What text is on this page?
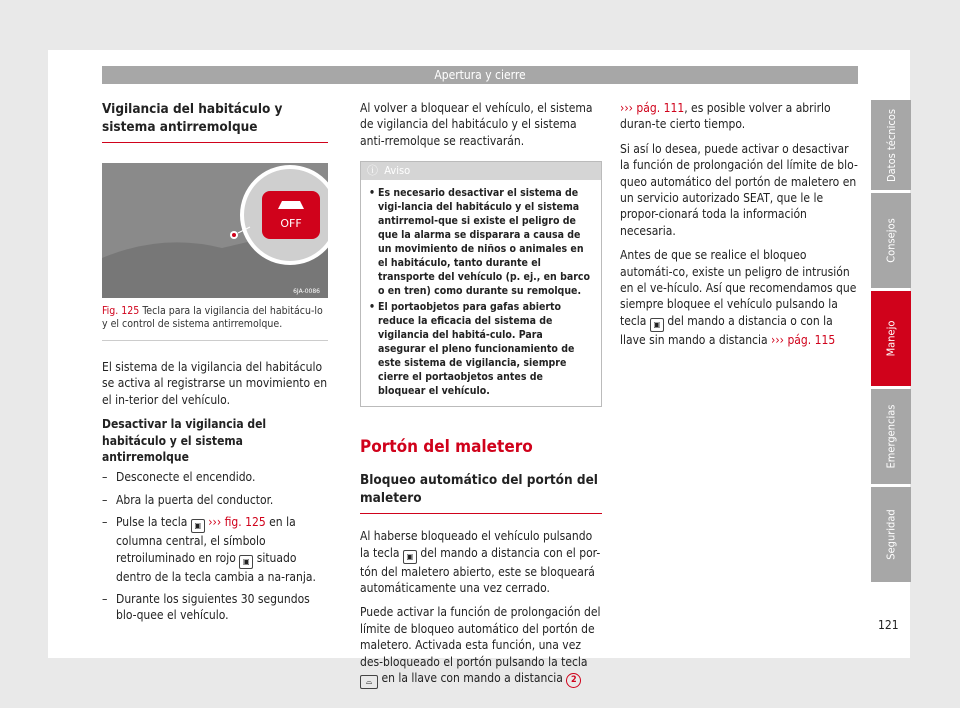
Apertura y cierre
Vigilancia del habitáculo y sistema antirremolque
OFF
6JA-0086
Fig. 125 Tecla para la vigilancia del habitácu-lo y el control de sistema antirremolque.

El sistema de la vigilancia del habitáculo se activa al registrarse un movimiento en el in-terior del vehículo.

Desactivar la vigilancia del habitáculo y el sistema antirremolque

– Desconecte el encendido.
– Abra la puerta del conductor.
– Pulse la tecla ▣ ››› fig. 125 en la columna central, el símbolo retroiluminado en rojo ▣ situado dentro de la tecla cambia a na-ranja.
– Durante los siguientes 30 segundos blo-quee el vehículo.

Al volver a bloquear el vehículo, el sistema de vigilancia del habitáculo y el sistema anti-rremolque se reactivarán.

ⓘ Aviso
• Es necesario desactivar el sistema de vigi-lancia del habitáculo y el sistema antirremol-que si existe el peligro de que la alarma se disparara a causa de un movimiento de niños o animales en el habitáculo, tanto durante el transporte del vehículo (p. ej., en barco o en tren) como durante su remolque.
• El portaobjetos para gafas abierto reduce la eficacia del sistema de vigilancia del habitá-culo. Para asegurar el pleno funcionamiento de este sistema de vigilancia, siempre cierre el portaobjetos antes de bloquear el vehículo.
Portón del maletero
Bloqueo automático del portón del maletero

Al haberse bloqueado el vehículo pulsando la tecla ▣ del mando a distancia con el por-tón del maletero abierto, este se bloqueará automáticamente una vez cerrado.

Puede activar la función de prolongación del límite de bloqueo automático del portón de maletero. Activada esta función, una vez des-bloqueado el portón pulsando la tecla ⌓ en la llave con mando a distancia 2

››› pág. 111, es posible volver a abrirlo duran-te cierto tiempo.

Si así lo desea, puede activar o desactivar la función de prolongación del límite de blo-queo automático del portón de maletero en un servicio autorizado SEAT, que le le propor-cionará toda la información necesaria.

Antes de que se realice el bloqueo automáti-co, existe un peligro de intrusión en el ve-hículo. Así que recomendamos que siempre bloquee el vehículo pulsando la tecla ▣ del mando a distancia o con la llave sin mando a distancia ››› pág. 115

Datos técnicos
Consejos
Manejo
Emergencias
Seguridad
121
